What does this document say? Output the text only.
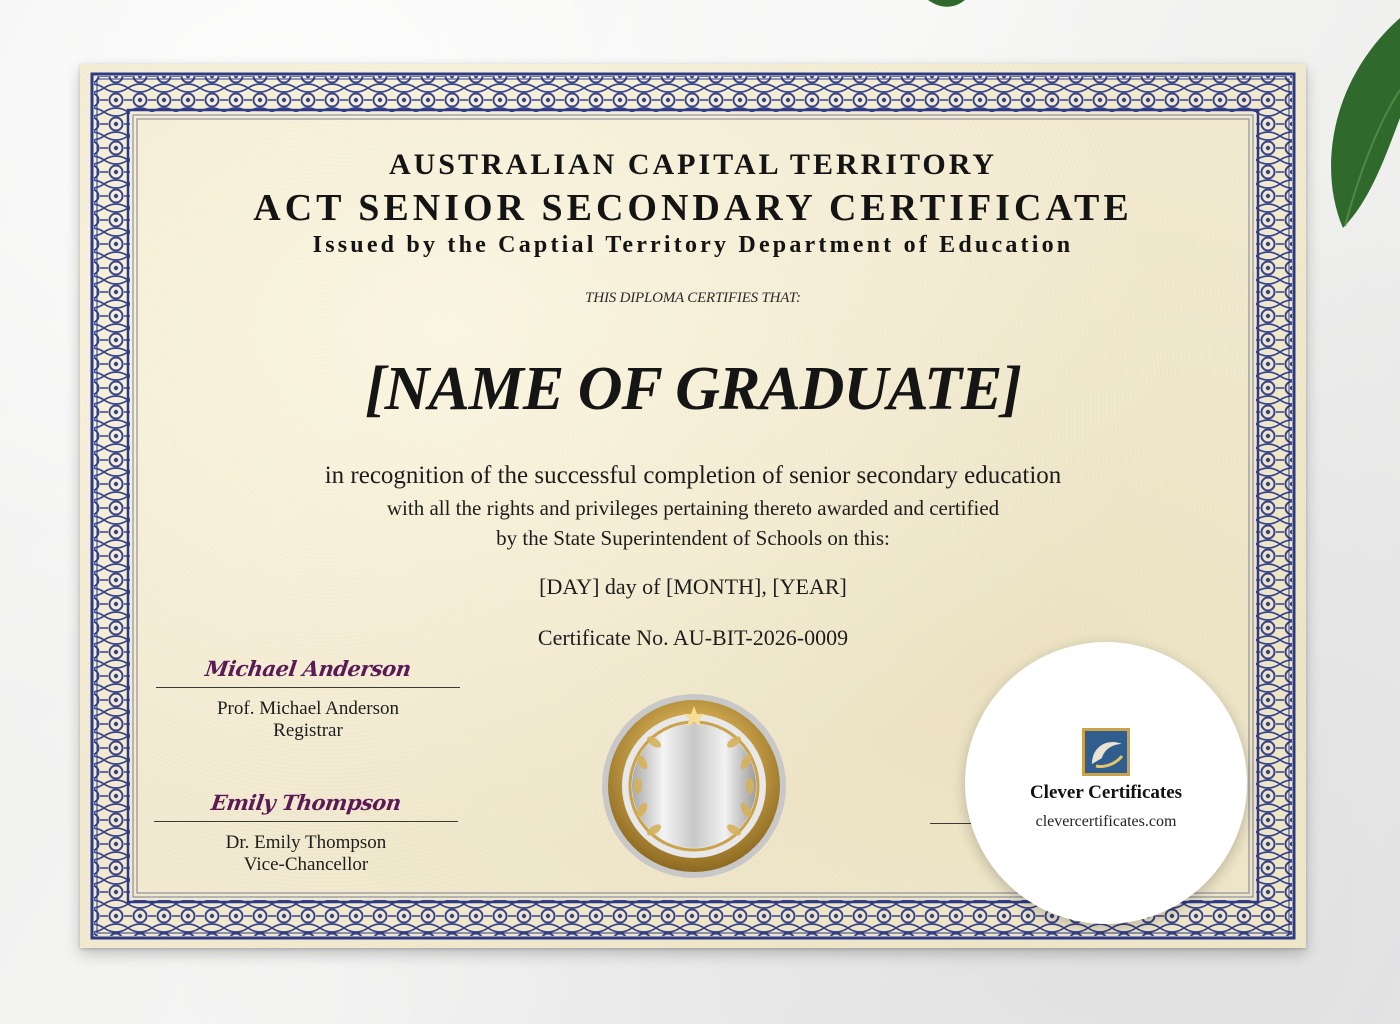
AUSTRALIAN CAPITAL TERRITORY
ACT SENIOR SECONDARY CERTIFICATE
Issued by the Captial Territory Department of Education
THIS DIPLOMA CERTIFIES THAT:
[NAME OF GRADUATE]
in recognition of the successful completion of senior secondary education
with all the rights and privileges pertaining thereto awarded and certified
by the State Superintendent of Schools on this:
[DAY] day of [MONTH], [YEAR]
Certificate No. AU-BIT-2026-0009
Michael Anderson
Prof. Michael Anderson
Registrar
Emily Thompson
Dr. Emily Thompson
Vice-Chancellor
Clever Certificates
clevercertificates.com
